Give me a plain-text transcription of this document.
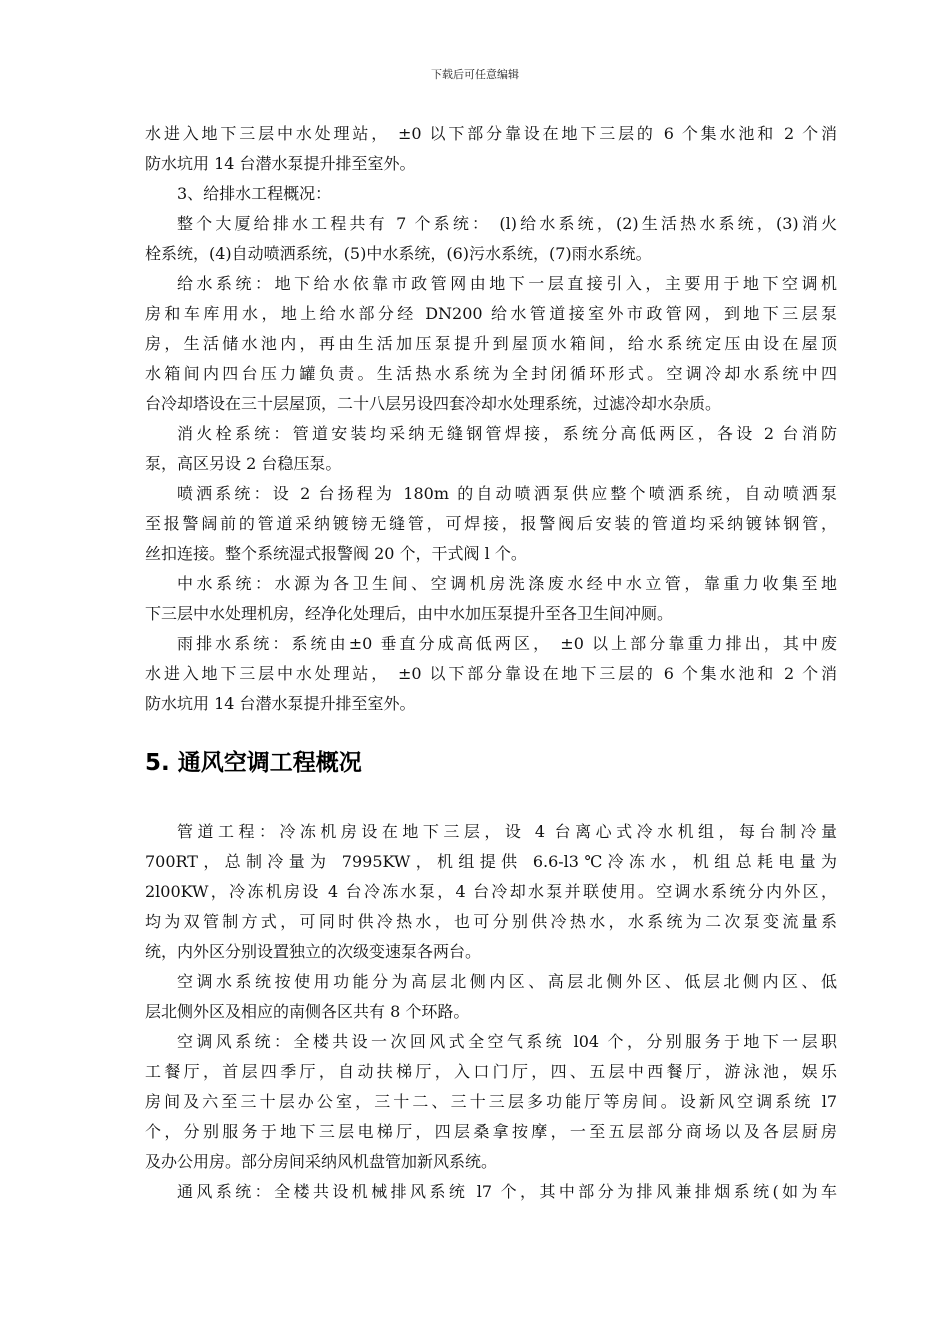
下载后可任意编辑

水进入地下三层中水处理站， ±0 以下部分靠设在地下三层的 6 个集水池和 2 个消
防水坑用 14 台潜水泵提升排至室外。

3、给排水工程概况：

整个大厦给排水工程共有 7 个系统： (l)给水系统，(2)生活热水系统，(3)消火
栓系统，(4)自动喷洒系统，(5)中水系统，(6)污水系统，(7)雨水系统。

给水系统：地下给水依靠市政管网由地下一层直接引入，主要用于地下空调机
房和车库用水，地上给水部分经 DN200 给水管道接室外市政管网，到地下三层泵
房，生活储水池内，再由生活加压泵提升到屋顶水箱间，给水系统定压由设在屋顶
水箱间内四台压力罐负责。生活热水系统为全封闭循环形式。空调冷却水系统中四
台冷却塔设在三十层屋顶，二十八层另设四套冷却水处理系统，过滤冷却水杂质。

消火栓系统：管道安装均采纳无缝钢管焊接，系统分高低两区，各设 2 台消防
泵，高区另设 2 台稳压泵。

喷洒系统：设 2 台扬程为 180m 的自动喷洒泵供应整个喷洒系统，自动喷洒泵
至报警阔前的管道采纳镀镑无缝管，可焊接，报警阀后安装的管道均采纳镀钵钢管，
丝扣连接。整个系统湿式报警阀 20 个，干式阀 l 个。

中水系统：水源为各卫生间、空调机房洗涤废水经中水立管，靠重力收集至地
下三层中水处理机房，经净化处理后，由中水加压泵提升至各卫生间冲厕。

雨排水系统：系统由±0 垂直分成高低两区， ±0 以上部分靠重力排出，其中废
水进入地下三层中水处理站， ±0 以下部分靠设在地下三层的 6 个集水池和 2 个消
防水坑用 14 台潜水泵提升排至室外。

5. 通风空调工程概况

管道工程：冷冻机房设在地下三层，设 4 台离心式冷水机组，每台制冷量
700RT，总制冷量为 7995KW，机组提供 6.6-l3℃冷冻水，机组总耗电量为
2l00KW，冷冻机房设 4 台冷冻水泵，4 台冷却水泵并联使用。空调水系统分内外区，
均为双管制方式，可同时供冷热水，也可分别供冷热水，水系统为二次泵变流量系
统，内外区分别设置独立的次级变速泵各两台。

空调水系统按使用功能分为高层北侧内区、高层北侧外区、低层北侧内区、低
层北侧外区及相应的南侧各区共有 8 个环路。

空调风系统：全楼共设一次回风式全空气系统 l04 个，分别服务于地下一层职
工餐厅，首层四季厅，自动扶梯厅，入口门厅，四、五层中西餐厅，游泳池，娱乐
房间及六至三十层办公室，三十二、三十三层多功能厅等房间。设新风空调系统 l7
个，分别服务于地下三层电梯厅，四层桑拿按摩，一至五层部分商场以及各层厨房
及办公用房。部分房间采纳风机盘管加新风系统。

通风系统：全楼共设机械排风系统 l7 个，其中部分为排风兼排烟系统(如为车
